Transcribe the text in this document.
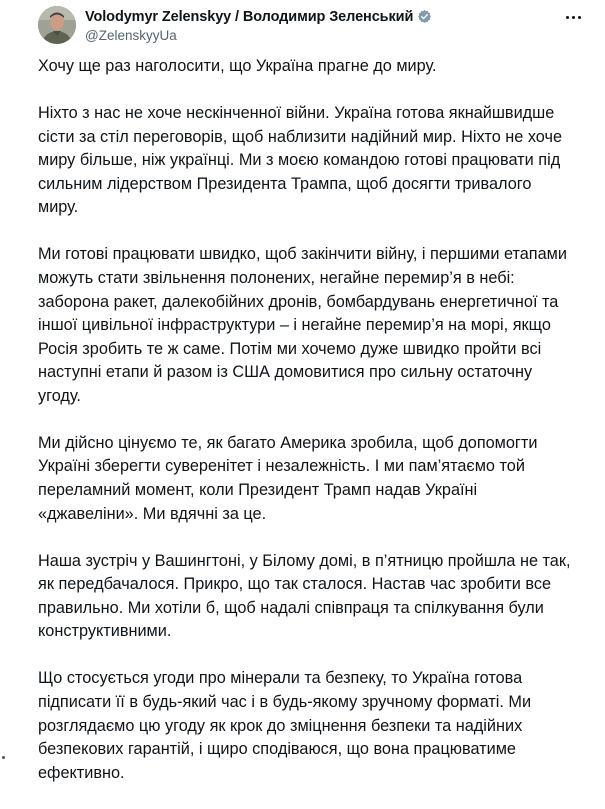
Volodymyr Zelenskyy / Володимир Зеленський
@ZelenskyyUa

Хочу ще раз наголосити, що Україна прагне до миру.

Ніхто з нас не хоче нескінченної війни. Україна готова якнайшвидше
сісти за стіл переговорів, щоб наблизити надійний мир. Ніхто не хоче
миру більше, ніж українці. Ми з моєю командою готові працювати під
сильним лідерством Президента Трампа, щоб досягти тривалого
миру.

Ми готові працювати швидко, щоб закінчити війну, і першими етапами
можуть стати звільнення полонених, негайне перемир’я в небі:
заборона ракет, далекобійних дронів, бомбардувань енергетичної та
іншої цивільної інфраструктури – і негайне перемир’я на морі, якщо
Росія зробить те ж саме. Потім ми хочемо дуже швидко пройти всі
наступні етапи й разом із США домовитися про сильну остаточну
угоду.

Ми дійсно цінуємо те, як багато Америка зробила, щоб допомогти
Україні зберегти суверенітет і незалежність. І ми пам’ятаємо той
переламний момент, коли Президент Трамп надав Україні
«джавеліни». Ми вдячні за це.

Наша зустріч у Вашингтоні, у Білому домі, в п’ятницю пройшла не так,
як передбачалося. Прикро, що так сталося. Настав час зробити все
правильно. Ми хотіли б, щоб надалі співпраця та спілкування були
конструктивними.

Що стосується угоди про мінерали та безпеку, то Україна готова
підписати її в будь-який час і в будь-якому зручному форматі. Ми
розглядаємо цю угоду як крок до зміцнення безпеки та надійних
безпекових гарантій, і щиро сподіваюся, що вона працюватиме
ефективно.
